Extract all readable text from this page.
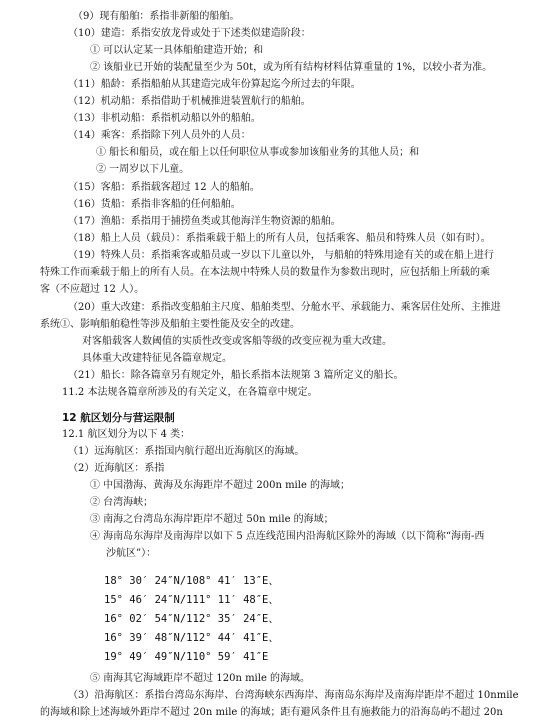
（9）现有船舶：系指非新船的船舶。
（10）建造：系指安放龙骨或处于下述类似建造阶段：
① 可以认定某一具体船舶建造开始；和
② 该船业已开始的装配量至少为 50t，或为所有结构材料估算重量的 1%，以较小者为准。
（11）船龄：系指船舶从其建造完成年份算起迄今所过去的年限。
（12）机动船：系指借助于机械推进装置航行的船舶。
（13）非机动船：系指机动船以外的船舶。
（14）乘客：系指除下列人员外的人员：
① 船长和船员，或在船上以任何职位从事或参加该船业务的其他人员；和
② 一周岁以下儿童。
（15）客船：系指载客超过 12 人的船舶。
（16）货船：系指非客船的任何船舶。
（17）渔船：系指用于捕捞鱼类或其他海洋生物资源的船舶。
（18）船上人员（载员）：系指乘载于船上的所有人员，包括乘客、船员和特殊人员（如有时）。
（19）特殊人员：系指乘客或船员或一岁以下儿童以外， 与船舶的特殊用途有关的或在船上进行
特殊工作而乘载于船上的所有人员。在本法规中特殊人员的数量作为参数出现时，应包括船上所载的乘
客（不应超过 12 人）。
（20）重大改建：系指改变船舶主尺度、船舶类型、分舱水平、承载能力、乘客居住处所、主推进
系统①、影响船舶稳性等涉及船舶主要性能及安全的改建。
对客船载客人数阈值的实质性改变或客船等级的改变应视为重大改建。
具体重大改建特征见各篇章规定。
（21）船长：除各篇章另有规定外，船长系指本法规第 3 篇所定义的船长。
11.2 本法规各篇章所涉及的有关定义，在各篇章中规定。
12 航区划分与营运限制
12.1 航区划分为以下 4 类：
（1）远海航区：系指国内航行超出近海航区的海域。
（2）近海航区：系指
① 中国渤海、黄海及东海距岸不超过 200n mile 的海域；
② 台湾海峡；
③ 南海之台湾岛东海岸距岸不超过 50n mile 的海域；
④ 海南岛东海岸及南海岸以如下 5 点连线范围内沿海航区除外的海域（以下简称“海南-西
沙航区”）：
18° 30′ 24″N/108° 41′ 13″E、
15° 46′ 24″N/111° 11′ 48″E、
16° 02′ 54″N/112° 35′ 24″E、
16° 39′ 48″N/112° 44′ 41″E、
19° 49′ 49″N/110° 59′ 41″E
⑤ 南海其它海域距岸不超过 120n mile 的海域。
（3）沿海航区：系指台湾岛东海岸、台湾海峡东西海岸、海南岛东海岸及南海岸距岸不超过 10nmile
的海域和除上述海域外距岸不超过 20n mile 的海域；距有避风条件且有施救能力的沿海岛屿不超过 20n
